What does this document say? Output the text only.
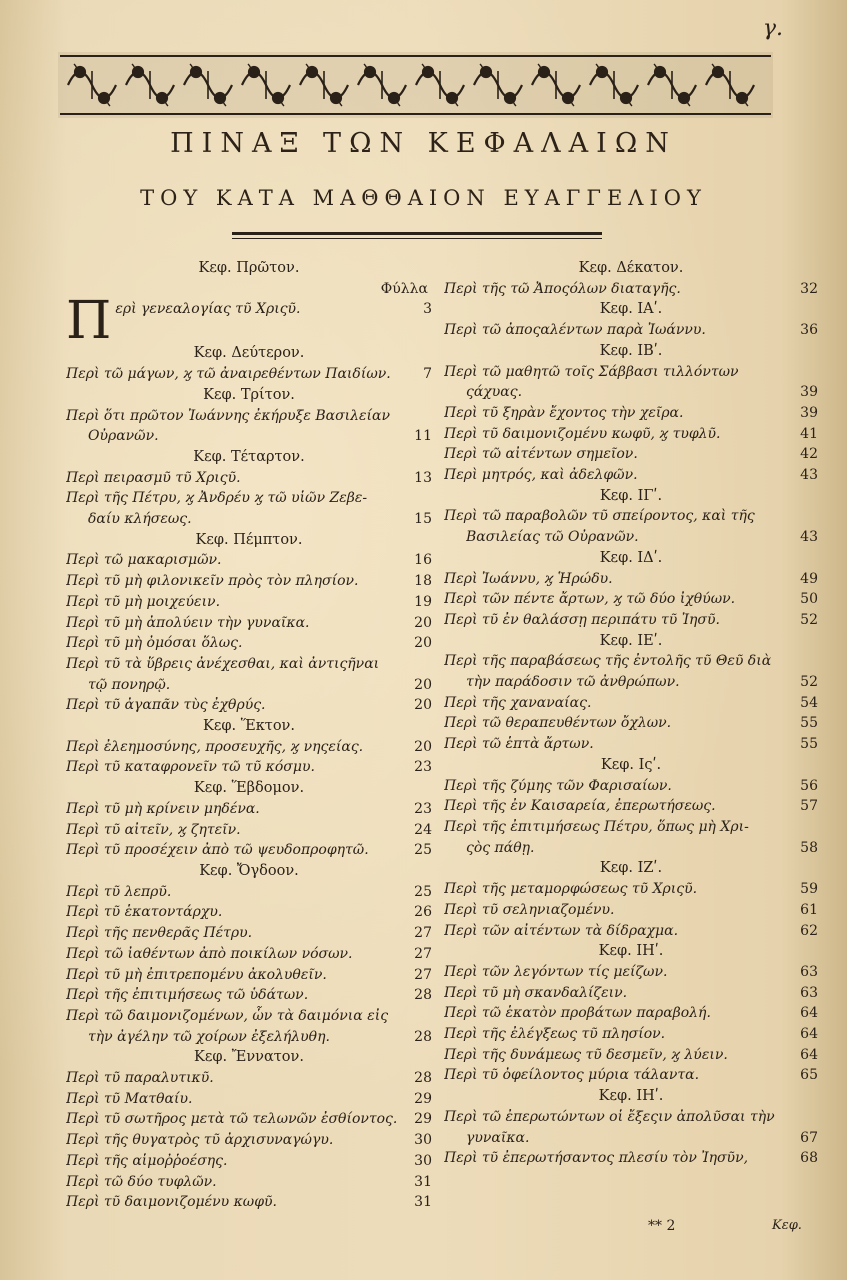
γ.
ΠΙΝΑΞ ΤΩΝ ΚΕΦΑΛΑΙΩΝ
ΤΟΥ ΚΑΤΑ ΜΑΘΘΑΙΟΝ ΕΥΑΓΓΕΛΙΟΥ
Κεφ. Πρῶτον.
Φύλλα
Π ερὶ γενεαλογίας τῦ Χριςῦ.	3
Κεφ. Δεύτερον.
Περὶ τῶ μάγων, ϗ τῶ ἀναιρεθέντων Παιδίων.	7
Κεφ. Τρίτον.
Περὶ ὅτι πρῶτον Ἰωάννης ἐκήρυξε Βασιλείαν
Οὐρανῶν.	11
Κεφ. Τέταρτον.
Περὶ πειρασμῦ τῦ Χριςῦ.	13
Περὶ τῆς Πέτρυ, ϗ Ἀνδρέυ ϗ τῶ υἱῶν Ζεβε-
δαίυ κλήσεως.	15
Κεφ. Πέμπτον.
Περὶ τῶ μακαρισμῶν.	16
Περὶ τῦ μὴ φιλονικεῖν πρὸς τὸν πλησίον.	18
Περὶ τῦ μὴ μοιχεύειν.	19
Περὶ τῦ μὴ ἀπολύειν τὴν γυναῖκα.	20
Περὶ τῦ μὴ ὀμόσαι ὅλως.	20
Περὶ τῦ τὰ ὕβρεις ἀνέχεσθαι, καὶ ἀντιςῆναι
τῷ πονηρῷ.	20
Περὶ τῦ ἀγαπᾶν τὺς ἐχθρύς.	20
Κεφ. Ἕκτον.
Περὶ ἐλεημοσύνης, προσευχῆς, ϗ νηςείας.	20
Περὶ τῦ καταφρονεῖν τῶ τῦ κόσμυ.	23
Κεφ. Ἕβδομον.
Περὶ τῦ μὴ κρίνειν μηδένα.	23
Περὶ τῦ αἰτεῖν, ϗ ζητεῖν.	24
Περὶ τῦ προσέχειν ἀπὸ τῶ ψευδοπροφητῶ.	25
Κεφ. Ὄγδοον.
Περὶ τῦ λεπρῦ.	25
Περὶ τῦ ἑκατοντάρχυ.	26
Περὶ τῆς πενθερᾶς Πέτρυ.	27
Περὶ τῶ ἰαθέντων ἀπὸ ποικίλων νόσων.	27
Περὶ τῦ μὴ ἐπιτρεπομένυ ἀκολυθεῖν.	27
Περὶ τῆς ἐπιτιμήσεως τῶ ὑδάτων.	28
Περὶ τῶ δαιμονιζομένων, ὧν τὰ δαιμόνια εἰς
τὴν ἀγέλην τῶ χοίρων ἐξελήλυθη.	28
Κεφ. Ἔννατον.
Περὶ τῦ παραλυτικῦ.	28
Περὶ τῦ Ματθαίυ.	29
Περὶ τῦ σωτῆρος μετὰ τῶ τελωνῶν ἐσθίοντος.	29
Περὶ τῆς θυγατρὸς τῦ ἀρχισυναγώγυ.	30
Περὶ τῆς αἱμοῤῥοέσης.	30
Περὶ τῶ δύο τυφλῶν.	31
Περὶ τῦ δαιμονιζομένυ κωφῦ.	31
Κεφ. Δέκατον.
Περὶ τῆς τῶ Ἀποςόλων διαταγῆς.	32
Κεφ. ΙΑʹ.
Περὶ τῶ ἀποςαλέντων παρὰ Ἰωάννυ.	36
Κεφ. ΙΒʹ.
Περὶ τῶ μαθητῶ τοῖς Σάββασι τιλλόντων
ςάχυας.	39
Περὶ τῦ ξηρὰν ἔχοντος τὴν χεῖρα.	39
Περὶ τῦ δαιμονιζομένυ κωφῦ, ϗ τυφλῦ.	41
Περὶ τῶ αἰτέντων σημεῖον.	42
Περὶ μητρός, καὶ ἀδελφῶν.	43
Κεφ. ΙΓʹ.
Περὶ τῶ παραβολῶν τῦ σπείροντος, καὶ τῆς
Βασιλείας τῶ Οὐρανῶν.	43
Κεφ. ΙΔʹ.
Περὶ Ἰωάννυ, ϗ Ἡρώδυ.	49
Περὶ τῶν πέντε ἄρτων, ϗ τῶ δύο ἰχθύων.	50
Περὶ τῦ ἐν θαλάσσῃ περιπάτυ τῦ Ἰησῦ.	52
Κεφ. ΙΕʹ.
Περὶ τῆς παραβάσεως τῆς ἐντολῆς τῦ Θεῦ διὰ
τὴν παράδοσιν τῶ ἀνθρώπων.	52
Περὶ τῆς χαναναίας.	54
Περὶ τῶ θεραπευθέντων ὄχλων.	55
Περὶ τῶ ἑπτὰ ἄρτων.	55
Κεφ. Ιςʹ.
Περὶ τῆς ζύμης τῶν Φαρισαίων.	56
Περὶ τῆς ἐν Καισαρεία, ἐπερωτήσεως.	57
Περὶ τῆς ἐπιτιμήσεως Πέτρυ, ὅπως μὴ Χρι-
ςὸς πάθῃ.	58
Κεφ. ΙΖʹ.
Περὶ τῆς μεταμορφώσεως τῦ Χριςῦ.	59
Περὶ τῦ σεληνιαζομένυ.	61
Περὶ τῶν αἰτέντων τὰ δίδραχμα.	62
Κεφ. ΙΗʹ.
Περὶ τῶν λεγόντων τίς μείζων.	63
Περὶ τῦ μὴ σκανδαλίζειν.	63
Περὶ τῶ ἑκατὸν προβάτων παραβολή.	64
Περὶ τῆς ἐλέγξεως τῦ πλησίον.	64
Περὶ τῆς δυνάμεως τῦ δεσμεῖν, ϗ λύειν.	64
Περὶ τῦ ὀφείλοντος μύρια τάλαντα.	65
Κεφ. ΙΗʹ.
Περὶ τῶ ἐπερωτώντων οἱ ἔξεςιν ἀπολῦσαι τὴν
γυναῖκα.	67
Περὶ τῦ ἐπερωτήσαντος πλεσίυ τὸν Ἰησῦν,	68
** 2	Κεφ.
